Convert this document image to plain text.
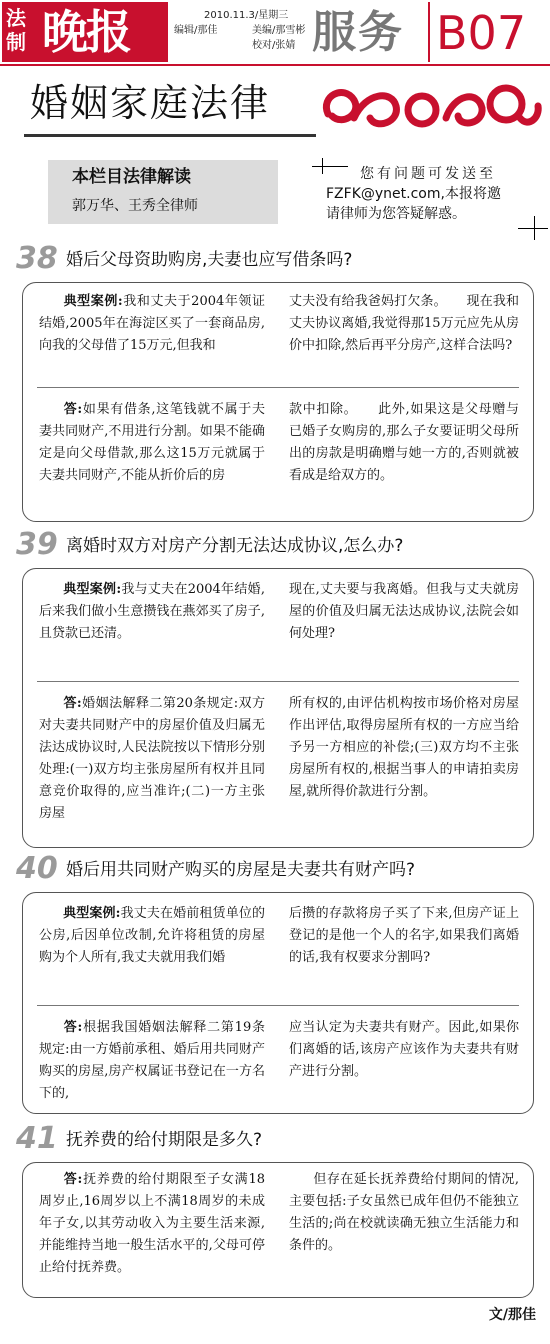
法制 晚报	2010.11.3/星期三
编辑/那佳	美编/那雪彬
校对/张婧 服务 B07
婚姻家庭法律
本栏目法律解读
郭万华、王秀全律师
您有问题可发送至
FZFK@ynet.com,本报将邀
请律师为您答疑解惑。
38 婚后父母资助购房,夫妻也应写借条吗?
典型案例:我和丈夫于2004年领证结婚,2005年在海淀区买了一套商品房,向我的父母借了15万元,但我和
丈夫没有给我爸妈打欠条。　　现在我和丈夫协议离婚,我觉得那15万元应先从房价中扣除,然后再平分房产,这样合法吗?
答:如果有借条,这笔钱就不属于夫妻共同财产,不用进行分割。如果不能确定是向父母借款,那么这15万元就属于夫妻共同财产,不能从折价后的房
款中扣除。　　此外,如果这是父母赠与已婚子女购房的,那么子女要证明父母所出的房款是明确赠与她一方的,否则就被看成是给双方的。
39 离婚时双方对房产分割无法达成协议,怎么办?
典型案例:我与丈夫在2004年结婚,后来我们做小生意攒钱在燕郊买了房子,且贷款已还清。
现在,丈夫要与我离婚。但我与丈夫就房屋的价值及归属无法达成协议,法院会如何处理?
答:婚姻法解释二第20条规定:双方对夫妻共同财产中的房屋价值及归属无法达成协议时,人民法院按以下情形分别处理:(一)双方均主张房屋所有权并且同意竞价取得的,应当准许;(二)一方主张房屋
所有权的,由评估机构按市场价格对房屋作出评估,取得房屋所有权的一方应当给予另一方相应的补偿;(三)双方均不主张房屋所有权的,根据当事人的申请拍卖房屋,就所得价款进行分割。
40 婚后用共同财产购买的房屋是夫妻共有财产吗?
典型案例:我丈夫在婚前租赁单位的公房,后因单位改制,允许将租赁的房屋购为个人所有,我丈夫就用我们婚
后攒的存款将房子买了下来,但房产证上登记的是他一个人的名字,如果我们离婚的话,我有权要求分割吗?
答:根据我国婚姻法解释二第19条规定:由一方婚前承租、婚后用共同财产购买的房屋,房产权属证书登记在一方名下的,
应当认定为夫妻共有财产。因此,如果你们离婚的话,该房产应该作为夫妻共有财产进行分割。
41 抚养费的给付期限是多久?
答:抚养费的给付期限至子女满18周岁止,16周岁以上不满18周岁的未成年子女,以其劳动收入为主要生活来源,并能维持当地一般生活水平的,父母可停止给付抚养费。
但存在延长抚养费给付期间的情况,主要包括:子女虽然已成年但仍不能独立生活的;尚在校就读确无独立生活能力和条件的。
文/那佳
